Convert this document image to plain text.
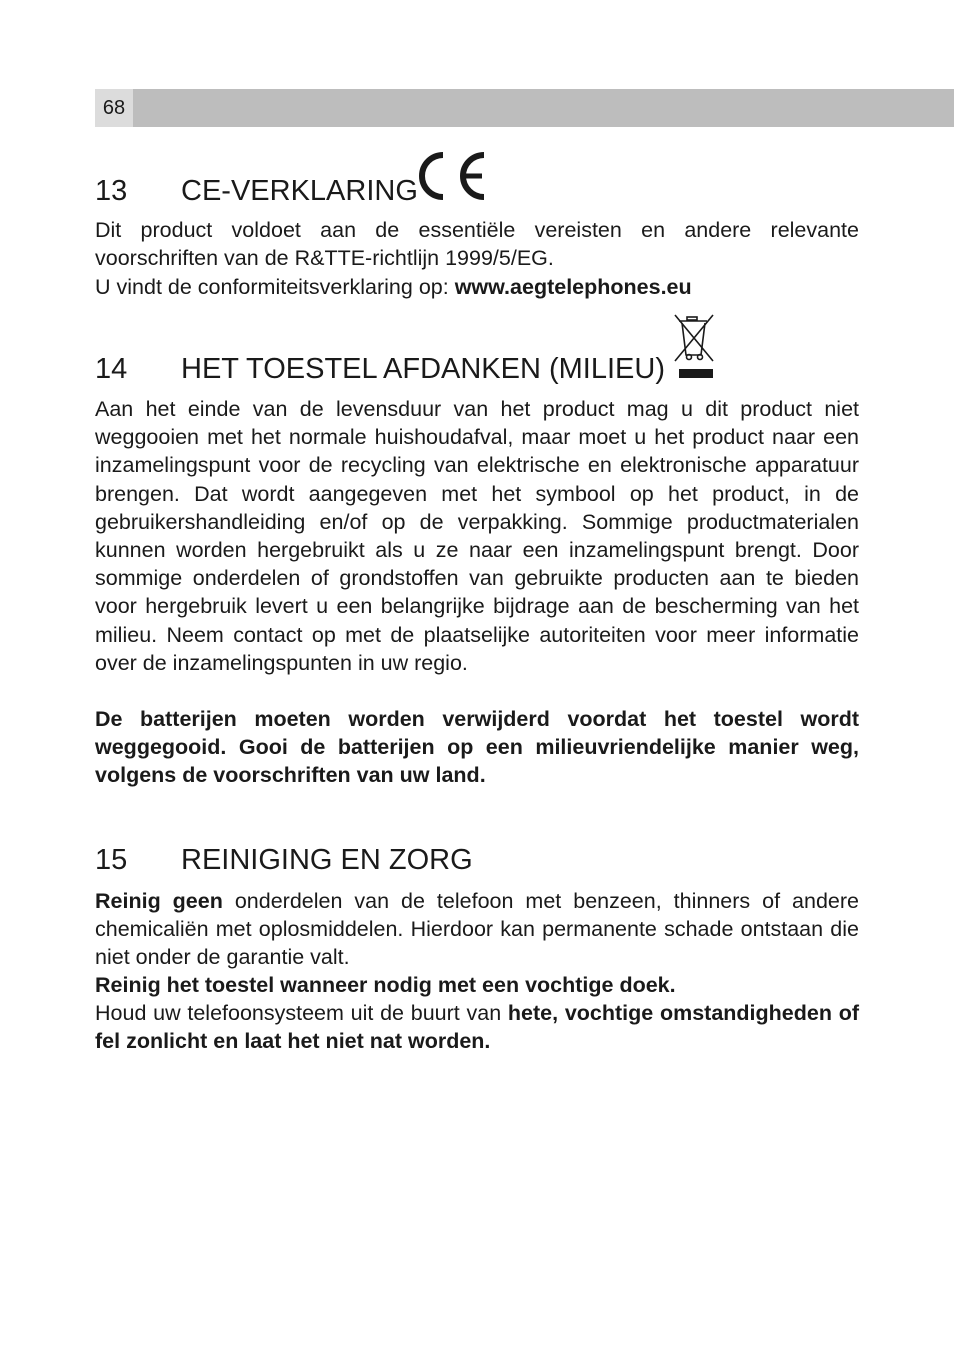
68
13 CE-VERKLARING

Dit product voldoet aan de essentiële vereisten en andere relevante voorschriften van de R&TTE-richtlijn 1999/5/EG.

U vindt de conformiteitsverklaring op: www.aegtelephones.eu

14 HET TOESTEL AFDANKEN (MILIEU)

Aan het einde van de levensduur van het product mag u dit product niet weggooien met het normale huishoudafval, maar moet u het product naar een inzamelingspunt voor de recycling van elektrische en elektronische apparatuur brengen. Dat wordt aangegeven met het symbool op het product, in de gebruikershandleiding en/of op de verpakking. Sommige productmaterialen kunnen worden hergebruikt als u ze naar een inzamelingspunt brengt. Door sommige onderdelen of grondstoffen van gebruikte producten aan te bieden voor hergebruik levert u een belangrijke bijdrage aan de bescherming van het milieu. Neem contact op met de plaatselijke autoriteiten voor meer informatie over de inzamelingspunten in uw regio.

De batterijen moeten worden verwijderd voordat het toestel wordt weggegooid. Gooi de batterijen op een milieuvriendelijke manier weg, volgens de voorschriften van uw land.

15 REINIGING EN ZORG

Reinig geen onderdelen van de telefoon met benzeen, thinners of andere chemicaliën met oplosmiddelen. Hierdoor kan permanente schade ontstaan die niet onder de garantie valt.

Reinig het toestel wanneer nodig met een vochtige doek.

Houd uw telefoonsysteem uit de buurt van hete, vochtige omstandigheden of fel zonlicht en laat het niet nat worden.
